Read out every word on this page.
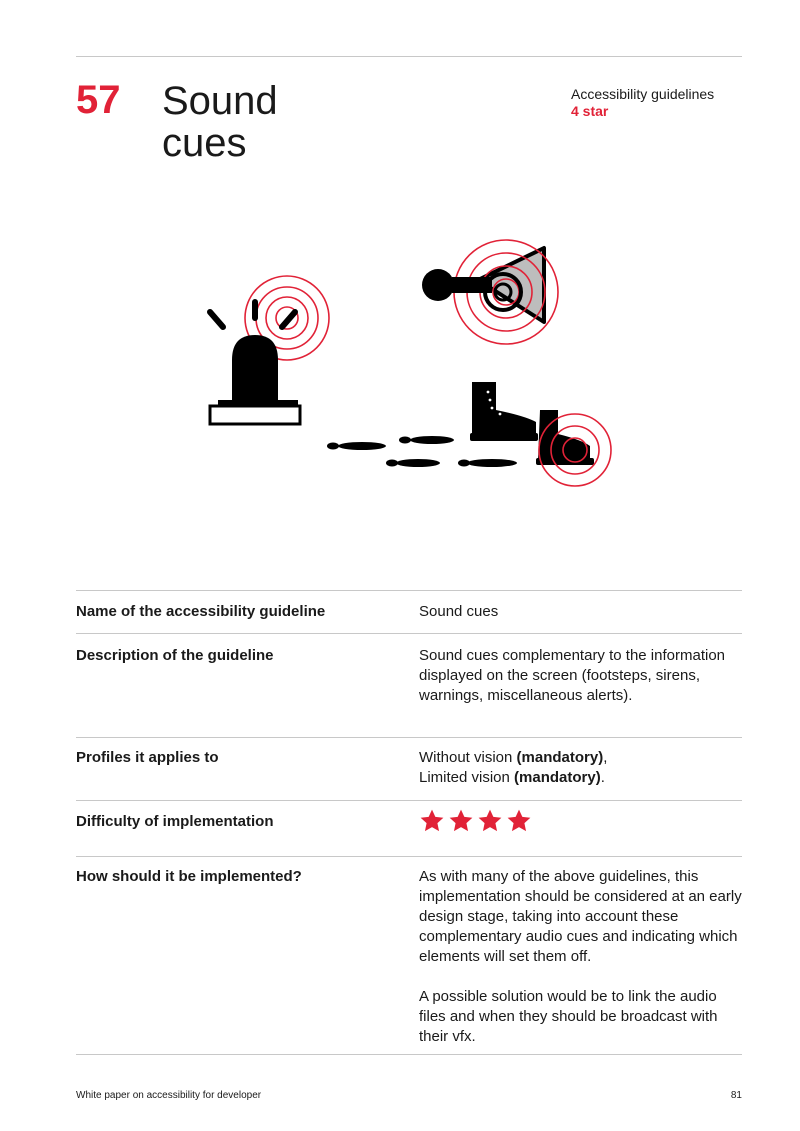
57 Sound cues
Accessibility guidelines
4 star
Name of the accessibility guideline	Sound cues
Description of the guideline	Sound cues complementary to the information displayed on the screen (footsteps, sirens, warnings, miscellaneous alerts).
Profiles it applies to	Without vision (mandatory),
Limited vision (mandatory).
Difficulty of implementation
How should it be implemented?	As with many of the above guidelines, this implementation should be considered at an early design stage, taking into account these complementary audio cues and indicating which elements will set them off.

A possible solution would be to link the audio files and when they should be broadcast with their vfx.

White paper on accessibility for developer	81
